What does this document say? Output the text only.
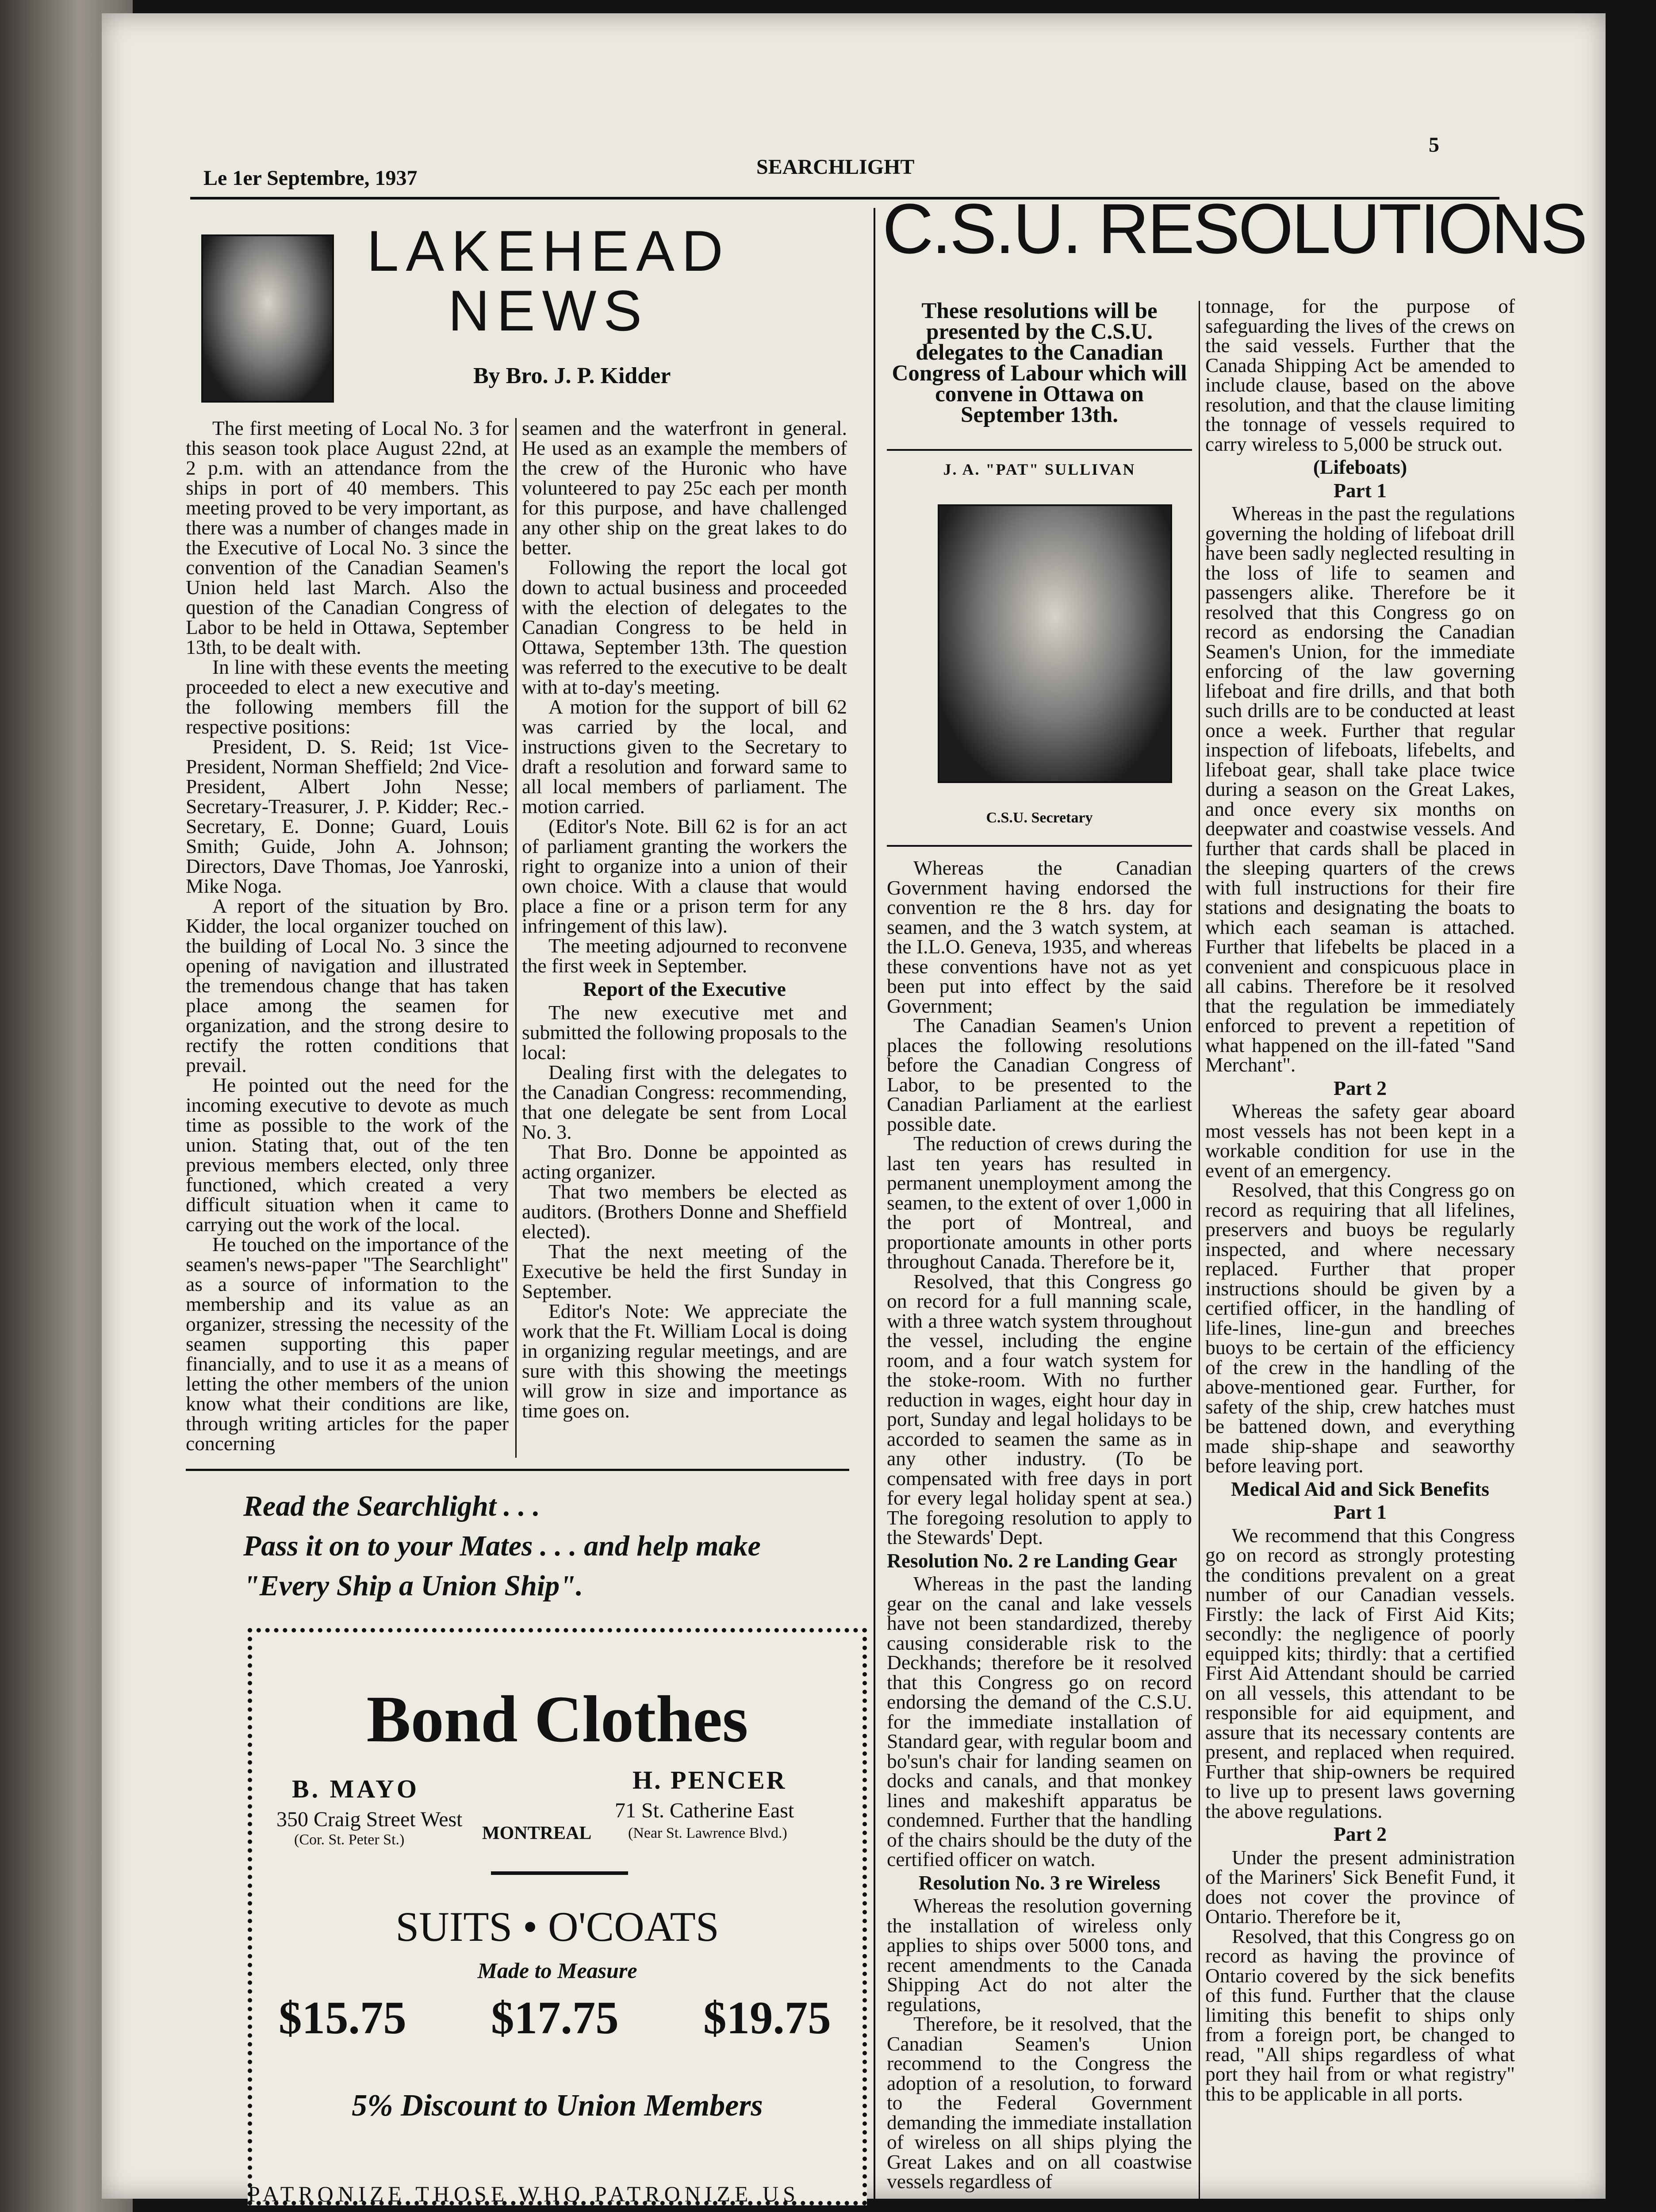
Le 1er Septembre, 1937	SEARCHLIGHT
5
LAKEHEAD
NEWS
By Bro. J. P. Kidder

The first meeting of Local No. 3 for this season took place August 22nd, at 2 p.m. with an attendance from the ships in port of 40 members. This meeting proved to be very important, as there was a number of changes made in the Executive of Local No. 3 since the convention of the Canadian Seamen's Union held last March. Also the question of the Canadian Congress of Labor to be held in Ottawa, September 13th, to be dealt with.

In line with these events the meeting proceeded to elect a new executive and the following members fill the respective positions:

President, D. S. Reid; 1st Vice-President, Norman Sheffield; 2nd Vice-President, Albert John Nesse; Secretary-Treasurer, J. P. Kidder; Rec.-Secretary, E. Donne; Guard, Louis Smith; Guide, John A. Johnson; Directors, Dave Thomas, Joe Yanroski, Mike Noga.

A report of the situation by Bro. Kidder, the local organizer touched on the building of Local No. 3 since the opening of navigation and illustrated the tremendous change that has taken place among the seamen for organization, and the strong desire to rectify the rotten conditions that prevail.

He pointed out the need for the incoming executive to devote as much time as possible to the work of the union. Stating that, out of the ten previous members elected, only three functioned, which created a very difficult situation when it came to carrying out the work of the local.

He touched on the importance of the seamen's news-paper "The Searchlight" as a source of information to the membership and its value as an organizer, stressing the necessity of the seamen supporting this paper financially, and to use it as a means of letting the other members of the union know what their conditions are like, through writing articles for the paper concerning

seamen and the waterfront in general. He used as an example the members of the crew of the Huronic who have volunteered to pay 25c each per month for this purpose, and have challenged any other ship on the great lakes to do better.

Following the report the local got down to actual business and proceeded with the election of delegates to the Canadian Congress to be held in Ottawa, September 13th. The question was referred to the executive to be dealt with at to-day's meeting.

A motion for the support of bill 62 was carried by the local, and instructions given to the Secretary to draft a resolution and forward same to all local members of parliament. The motion carried.

(Editor's Note. Bill 62 is for an act of parliament granting the workers the right to organize into a union of their own choice. With a clause that would place a fine or a prison term for any infringement of this law).

The meeting adjourned to reconvene the first week in September.

Report of the Executive

The new executive met and submitted the following proposals to the local:

Dealing first with the delegates to the Canadian Congress: recommending, that one delegate be sent from Local No. 3.

That Bro. Donne be appointed as acting organizer.

That two members be elected as auditors. (Brothers Donne and Sheffield elected).

That the next meeting of the Executive be held the first Sunday in September.

Editor's Note: We appreciate the work that the Ft. William Local is doing in organizing regular meetings, and are sure with this showing the meetings will grow in size and importance as time goes on.

Read the Searchlight . . .
Pass it on to your Mates . . . and help make
"Every Ship a Union Ship".
Bond Clothes
B. MAYO
350 Craig Street West
(Cor. St. Peter St.)	MONTREAL
H. PENCER
71 St. Catherine East
(Near St. Lawrence Blvd.)
SUITS • O'COATS
Made to Measure
$15.75 $17.75 $19.75
5% Discount to Union Members
C.S.U. RESOLUTIONS
These resolutions will be presented by the C.S.U. delegates to the Canadian Congress of Labour which will convene in Ottawa on September 13th.
J. A. "PAT" SULLIVAN
C.S.U. Secretary

Whereas the Canadian Government having endorsed the convention re the 8 hrs. day for seamen, and the 3 watch system, at the I.L.O. Geneva, 1935, and whereas these conventions have not as yet been put into effect by the said Government;

The Canadian Seamen's Union places the following resolutions before the Canadian Congress of Labor, to be presented to the Canadian Parliament at the earliest possible date.

The reduction of crews during the last ten years has resulted in permanent unemployment among the seamen, to the extent of over 1,000 in the port of Montreal, and proportionate amounts in other ports throughout Canada. Therefore be it,

Resolved, that this Congress go on record for a full manning scale, with a three watch system throughout the vessel, including the engine room, and a four watch system for the stoke-room. With no further reduction in wages, eight hour day in port, Sunday and legal holidays to be accorded to seamen the same as in any other industry. (To be compensated with free days in port for every legal holiday spent at sea.) The foregoing resolution to apply to the Stewards' Dept.

Resolution No. 2 re Landing Gear

Whereas in the past the landing gear on the canal and lake vessels have not been standardized, thereby causing considerable risk to the Deckhands; therefore be it resolved that this Congress go on record endorsing the demand of the C.S.U. for the immediate installation of Standard gear, with regular boom and bo'sun's chair for landing seamen on docks and canals, and that monkey lines and makeshift apparatus be condemned. Further that the handling of the chairs should be the duty of the certified officer on watch.

Resolution No. 3 re Wireless

Whereas the resolution governing the installation of wireless only applies to ships over 5000 tons, and recent amendments to the Canada Shipping Act do not alter the regulations,

Therefore, be it resolved, that the Canadian Seamen's Union recommend to the Congress the adoption of a resolution, to forward to the Federal Government demanding the immediate installation of wireless on all ships plying the Great Lakes and on all coastwise vessels regardless of

tonnage, for the purpose of safeguarding the lives of the crews on the said vessels. Further that the Canada Shipping Act be amended to include clause, based on the above resolution, and that the clause limiting the tonnage of vessels required to carry wireless to 5,000 be struck out.

(Lifeboats)

Part 1

Whereas in the past the regulations governing the holding of lifeboat drill have been sadly neglected resulting in the loss of life to seamen and passengers alike. Therefore be it resolved that this Congress go on record as endorsing the Canadian Seamen's Union, for the immediate enforcing of the law governing lifeboat and fire drills, and that both such drills are to be conducted at least once a week. Further that regular inspection of lifeboats, lifebelts, and lifeboat gear, shall take place twice during a season on the Great Lakes, and once every six months on deepwater and coastwise vessels. And further that cards shall be placed in the sleeping quarters of the crews with full instructions for their fire stations and designating the boats to which each seaman is attached. Further that lifebelts be placed in a convenient and conspicuous place in all cabins. Therefore be it resolved that the regulation be immediately enforced to prevent a repetition of what happened on the ill-fated "Sand Merchant".

Part 2

Whereas the safety gear aboard most vessels has not been kept in a workable condition for use in the event of an emergency.

Resolved, that this Congress go on record as requiring that all lifelines, preservers and buoys be regularly inspected, and where necessary replaced. Further that proper instructions should be given by a certified officer, in the handling of life-lines, line-gun and breeches buoys to be certain of the efficiency of the crew in the handling of the above-mentioned gear. Further, for safety of the ship, crew hatches must be battened down, and everything made ship-shape and seaworthy before leaving port.

Medical Aid and Sick Benefits

Part 1

We recommend that this Congress go on record as strongly protesting the conditions prevalent on a great number of our Canadian vessels. Firstly: the lack of First Aid Kits; secondly: the negligence of poorly equipped kits; thirdly: that a certified First Aid Attendant should be carried on all vessels, this attendant to be responsible for aid equipment, and assure that its necessary contents are present, and replaced when required. Further that ship-owners be required to live up to present laws governing the above regulations.

Part 2

Under the present administration of the Mariners' Sick Benefit Fund, it does not cover the province of Ontario. Therefore be it,

Resolved, that this Congress go on record as having the province of Ontario covered by the sick benefits of this fund. Further that the clause limiting this benefit to ships only from a foreign port, be changed to read, "All ships regardless of what port they hail from or what registry" this to be applicable in all ports.

PATRONIZE THOSE WHO PATRONIZE US
